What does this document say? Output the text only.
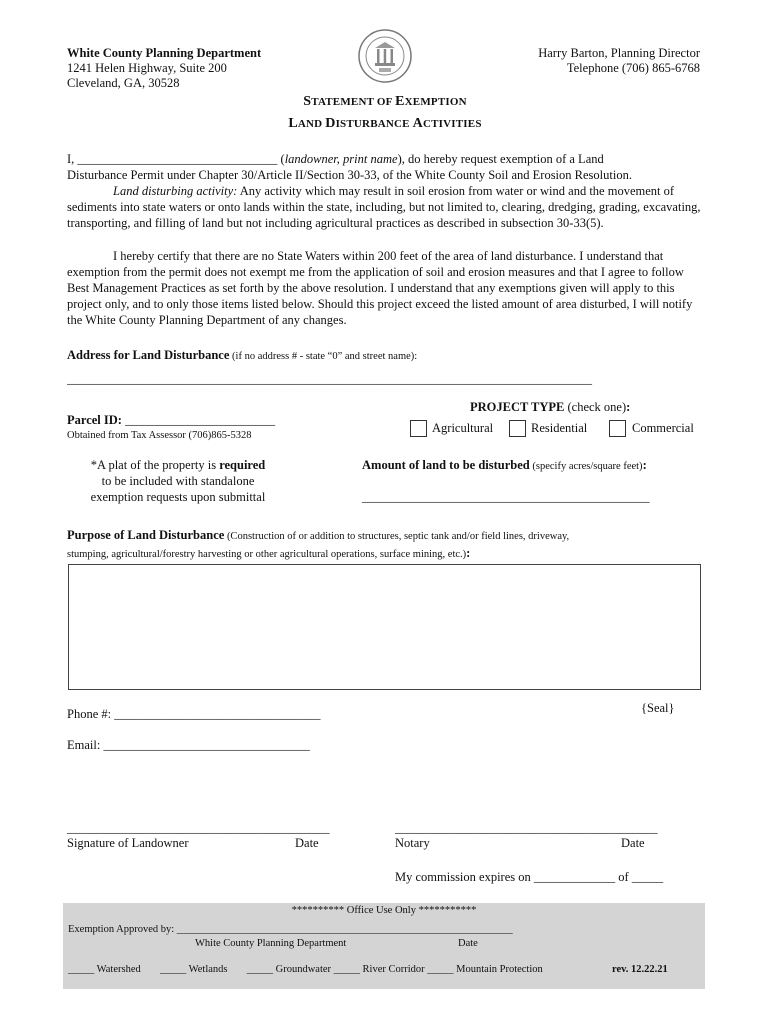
White County Planning Department
1241 Helen Highway, Suite 200
Cleveland, GA, 30528
Harry Barton, Planning Director
Telephone (706) 865-6768
STATEMENT OF EXEMPTION
LAND DISTURBANCE ACTIVITIES
I, ________________________________ (landowner, print name), do hereby request exemption of a Land
Disturbance Permit under Chapter 30/Article II/Section 30-33, of the White County Soil and Erosion Resolution.
Land disturbing activity: Any activity which may result in soil erosion from water or wind and the movement of sediments into state waters or onto lands within the state, including, but not limited to, clearing, dredging, grading, excavating, transporting, and filling of land but not including agricultural practices as described in subsection 30-33(5).
I hereby certify that there are no State Waters within 200 feet of the area of land disturbance. I understand that exemption from the permit does not exempt me from the application of soil and erosion measures and that I agree to follow Best Management Practices as set forth by the above resolution. I understand that any exemptions given will apply to this project only, and to only those items listed below. Should this project exceed the listed amount of area disturbed, I will notify the White County Planning Department of any changes.
Address for Land Disturbance (if no address # - state “0” and street name):
____________________________________________________________________________________
Parcel ID: ________________________
Obtained from Tax Assessor (706)865-5328
PROJECT TYPE (check one):
Agricultural	Residential	Commercial
*A plat of the property is required
to be included with standalone
exemption requests upon submittal
Amount of land to be disturbed (specify acres/square feet):
______________________________________________
Purpose of Land Disturbance (Construction of or addition to structures, septic tank and/or field lines, driveway,
stumping, agricultural/forestry harvesting or other agricultural operations, surface mining, etc.):
Phone #: _________________________________	{Seal}
Email: _________________________________
__________________________________________	__________________________________________
Signature of Landowner	Date	Notary	Date
My commission expires on _____________ of _____
********** Office Use Only ***********
Exemption Approved by: ________________________________________________________________
White County Planning Department	Date
_____ Watershed _____ Wetlands _____ Groundwater _____ River Corridor _____ Mountain Protection	rev. 12.22.21
